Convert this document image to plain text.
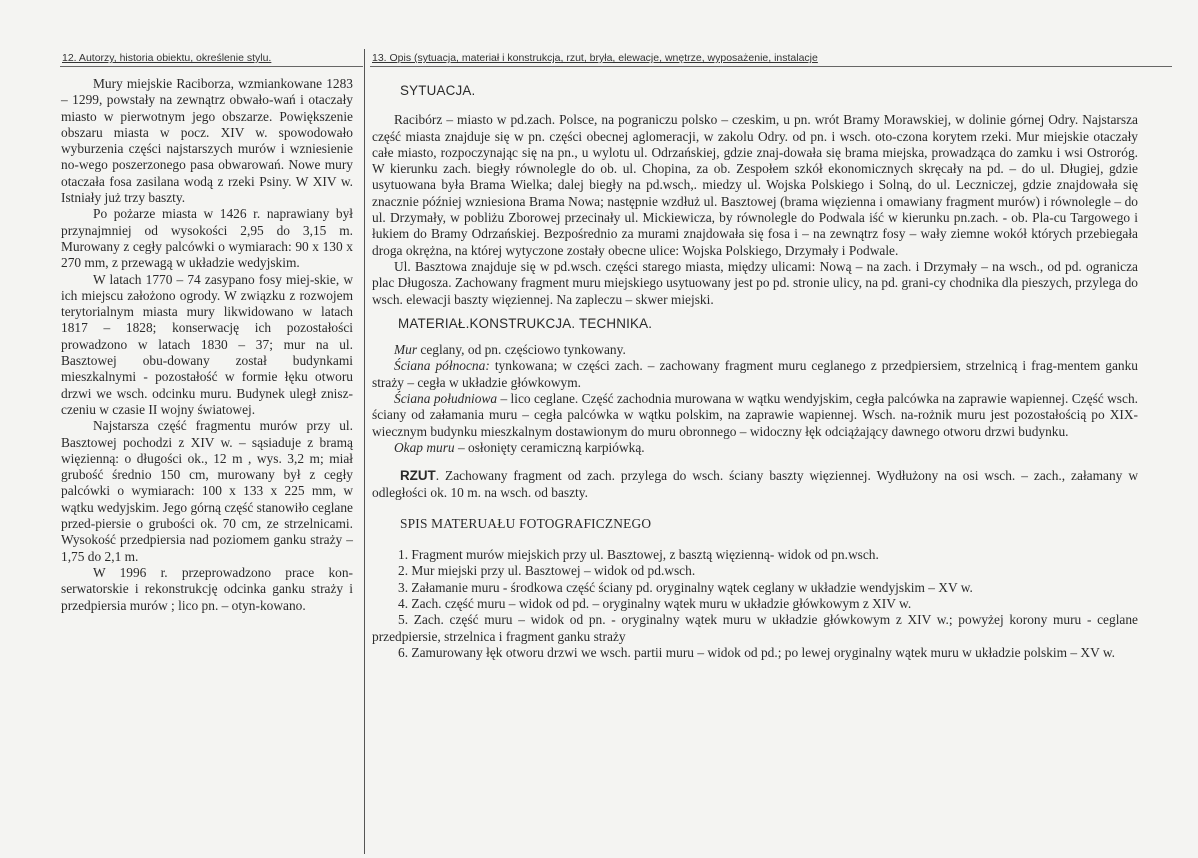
12. Autorzy, historia obiektu, określenie stylu.

Mury miejskie Raciborza, wzmiankowane 1283 – 1299, powstały na zewnątrz obwało-wań i otaczały miasto w pierwotnym jego obszarze. Powiększenie obszaru miasta w pocz. XIV w. spowodowało wyburzenia części najstarszych murów i wzniesienie no-wego poszerzonego pasa obwarowań. Nowe mury otaczała fosa zasilana wodą z rzeki Psiny. W XIV w. Istniały już trzy baszty.

Po pożarze miasta w 1426 r. naprawiany był przynajmniej od wysokości 2,95 do 3,15 m. Murowany z cegły palcówki o wymiarach: 90 x 130 x 270 mm, z przewagą w układzie wedyjskim.

W latach 1770 – 74 zasypano fosy miej-skie, w ich miejscu założono ogrody. W związku z rozwojem terytorialnym miasta mury likwidowano w latach 1817 – 1828; konserwację ich pozostałości prowadzono w latach 1830 – 37; mur na ul. Basztowej obu-dowany został budynkami mieszkalnymi - pozostałość w formie łęku otworu drzwi we wsch. odcinku muru. Budynek uległ znisz-czeniu w czasie II wojny światowej.

Najstarsza część fragmentu murów przy ul. Basztowej pochodzi z XIV w. – sąsiaduje z bramą więzienną: o długości ok., 12 m , wys. 3,2 m; miał grubość średnio 150 cm, murowany był z cegły palcówki o wymiarach: 100 x 133 x 225 mm, w wątku wedyjskim. Jego górną część stanowiło ceglane przed-piersie o grubości ok. 70 cm, ze strzelnicami. Wysokość przedpiersia nad poziomem ganku straży – 1,75 do 2,1 m.

W 1996 r. przeprowadzono prace kon-serwatorskie i rekonstrukcję odcinka ganku straży i przedpiersia murów ; lico pn. – otyn-kowano.

13. Opis (sytuacja, materiał i konstrukcja, rzut, bryła, elewacje, wnętrze, wyposażenie, instalacje
SYTUACJA.

Racibórz – miasto w pd.zach. Polsce, na pograniczu polsko – czeskim, u pn. wrót Bramy Morawskiej, w dolinie górnej Odry. Najstarsza część miasta znajduje się w pn. części obecnej aglomeracji, w zakolu Odry. od pn. i wsch. oto-czona korytem rzeki. Mur miejskie otaczały całe miasto, rozpoczynając się na pn., u wylotu ul. Odrzańskiej, gdzie znaj-dowała się brama miejska, prowadząca do zamku i wsi Ostroróg. W kierunku zach. biegły równolegle do ob. ul. Chopina, za ob. Zespołem szkół ekonomicznych skręcały na pd. – do ul. Długiej, gdzie usytuowana była Brama Wielka; dalej biegły na pd.wsch,. miedzy ul. Wojska Polskiego i Solną, do ul. Leczniczej, gdzie znajdowała się znacznie później wzniesiona Brama Nowa; następnie wzdłuż ul. Basztowej (brama więzienna i omawiany fragment murów) i równolegle – do ul. Drzymały, w pobliżu Zborowej przecinały ul. Mickiewicza, by równolegle do Podwala iść w kierunku pn.zach. - ob. Pla-cu Targowego i łukiem do Bramy Odrzańskiej. Bezpośrednio za murami znajdowała się fosa i – na zewnątrz fosy – wały ziemne wokół których przebiegała droga okrężna, na której wytyczone zostały obecne ulice: Wojska Polskiego, Drzymały i Podwale.

Ul. Basztowa znajduje się w pd.wsch. części starego miasta, między ulicami: Nową – na zach. i Drzymały – na wsch., od pd. ogranicza plac Długosza. Zachowany fragment muru miejskiego usytuowany jest po pd. stronie ulicy, na pd. grani-cy chodnika dla pieszych, przylega do wsch. elewacji baszty więziennej. Na zapleczu – skwer miejski.

MATERIAŁ.KONSTRUKCJA. TECHNIKA.

Mur ceglany, od pn. częściowo tynkowany.

Ściana północna: tynkowana; w części zach. – zachowany fragment muru ceglanego z przedpiersiem, strzelnicą i frag-mentem ganku straży – cegła w układzie główkowym.

Ściana południowa – lico ceglane. Część zachodnia murowana w wątku wendyjskim, cegła palcówka na zaprawie wapiennej. Część wsch. ściany od załamania muru – cegła palcówka w wątku polskim, na zaprawie wapiennej. Wsch. na-rożnik muru jest pozostałością po XIX- wiecznym budynku mieszkalnym dostawionym do muru obronnego – widoczny łęk odciążający dawnego otworu drzwi budynku.

Okap muru – osłonięty ceramiczną karpiówką.

RZUT. Zachowany fragment od zach. przylega do wsch. ściany baszty więziennej. Wydłużony na osi wsch. – zach., załamany w odległości ok. 10 m. na wsch. od baszty.

SPIS MATERUAŁU FOTOGRAFICZNEGO
1. Fragment murów miejskich przy ul. Basztowej, z basztą więzienną- widok od pn.wsch.
2. Mur miejski przy ul. Basztowej – widok od pd.wsch.
3. Załamanie muru - środkowa część ściany pd. oryginalny wątek ceglany w układzie wendyjskim – XV w.
4. Zach. część muru – widok od pd. – oryginalny wątek muru w układzie główkowym z XIV w.
5. Zach. część muru – widok od pn. - oryginalny wątek muru w układzie główkowym z XIV w.; powyżej korony muru - ceglane przedpiersie, strzelnica i fragment ganku straży
6. Zamurowany łęk otworu drzwi we wsch. partii muru – widok od pd.; po lewej oryginalny wątek muru w układzie polskim – XV w.
